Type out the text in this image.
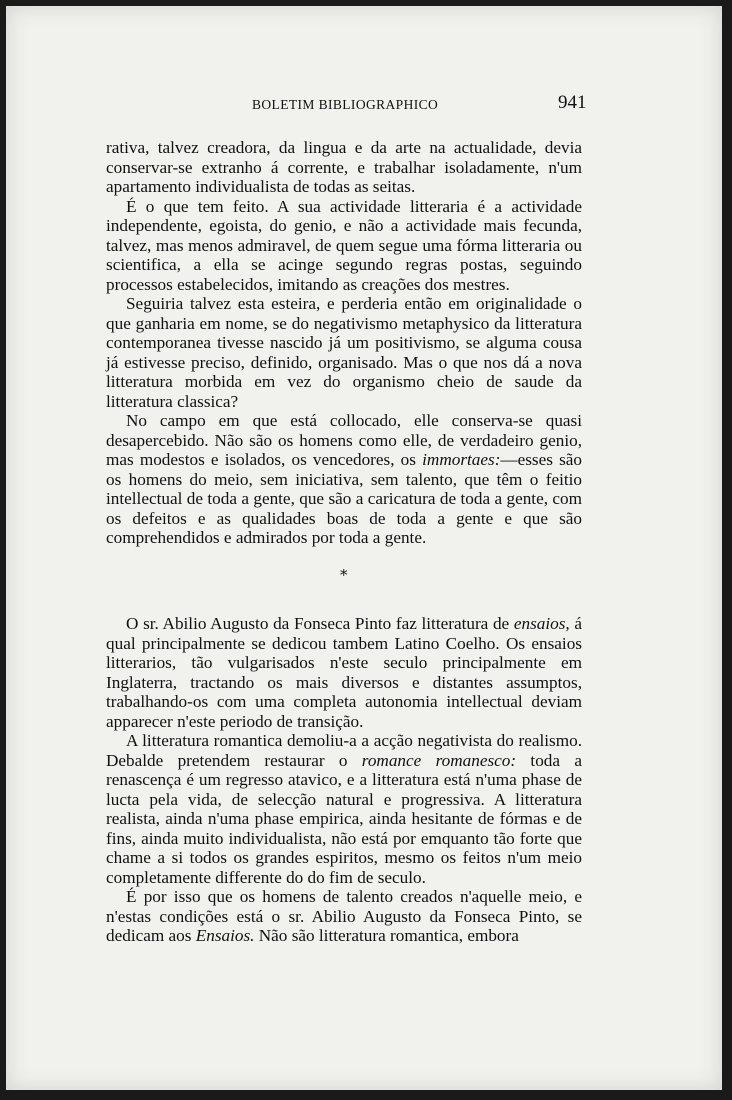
BOLETIM BIBLIOGRAPHICO	941

rativa, talvez creadora, da lingua e da arte na actualidade, devia conservar-se extranho á corrente, e trabalhar isoladamente, n'um apartamento individualista de todas as seitas.

É o que tem feito. A sua actividade litteraria é a actividade independente, egoista, do genio, e não a actividade mais fecunda, talvez, mas menos admiravel, de quem segue uma fórma litteraria ou scientifica, a ella se acinge segundo regras postas, seguindo processos estabelecidos, imitando as creações dos mestres.

Seguiria talvez esta esteira, e perderia então em originalidade o que ganharia em nome, se do negativismo metaphysico da litteratura contemporanea tivesse nascido já um positivismo, se alguma cousa já estivesse preciso, definido, organisado. Mas o que nos dá a nova litteratura morbida em vez do organismo cheio de saude da litteratura classica?

No campo em que está collocado, elle conserva-se quasi desapercebido. Não são os homens como elle, de verdadeiro genio, mas modestos e isolados, os vencedores, os immortaes:—esses são os homens do meio, sem iniciativa, sem talento, que têm o feitio intellectual de toda a gente, que são a caricatura de toda a gente, com os defeitos e as qualidades boas de toda a gente e que são comprehendidos e admirados por toda a gente.

*

O sr. Abilio Augusto da Fonseca Pinto faz litteratura de ensaios, á qual principalmente se dedicou tambem Latino Coelho. Os ensaios litterarios, tão vulgarisados n'este seculo principalmente em Inglaterra, tractando os mais diversos e distantes assumptos, trabalhando-os com uma completa autonomia intellectual deviam apparecer n'este periodo de transição.

A litteratura romantica demoliu-a a acção negativista do realismo. Debalde pretendem restaurar o romance romanesco: toda a renascença é um regresso atavico, e a litteratura está n'uma phase de lucta pela vida, de selecção natural e progressiva. A litteratura realista, ainda n'uma phase empirica, ainda hesitante de fórmas e de fins, ainda muito individualista, não está por emquanto tão forte que chame a si todos os grandes espiritos, mesmo os feitos n'um meio completamente differente do do fim de seculo.

É por isso que os homens de talento creados n'aquelle meio, e n'estas condições está o sr. Abilio Augusto da Fonseca Pinto, se dedicam aos Ensaios. Não são litteratura romantica, embora
